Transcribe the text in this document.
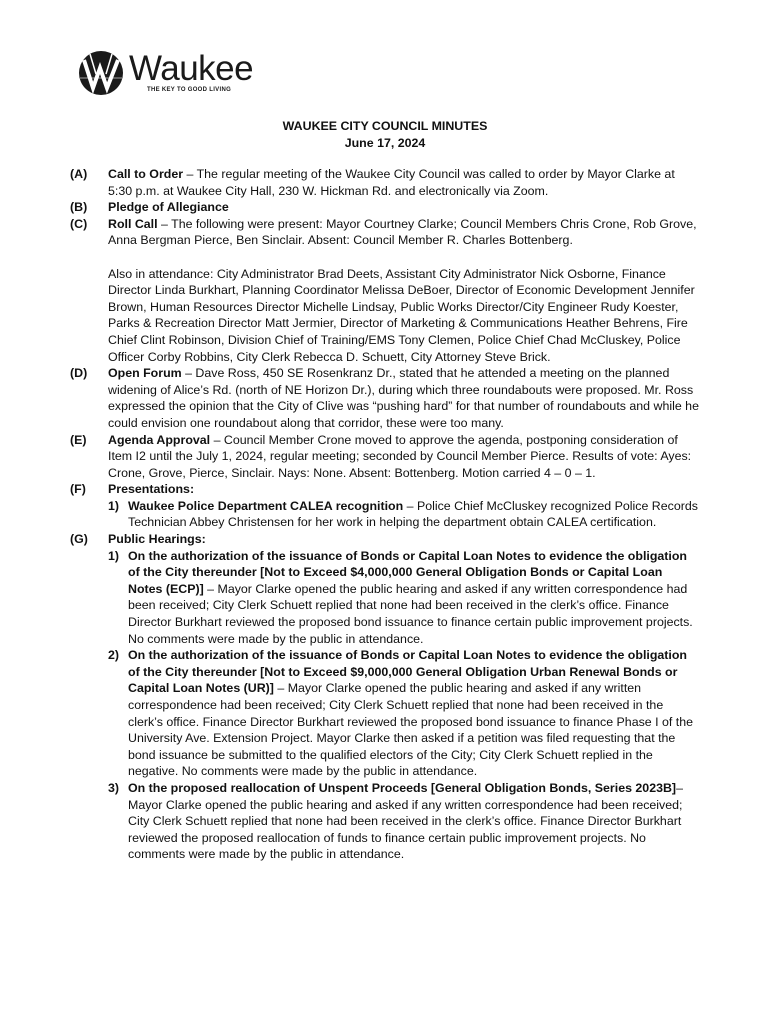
Waukee
THE KEY TO GOOD LIVING
WAUKEE CITY COUNCIL MINUTES
June 17, 2024
(A) Call to Order – The regular meeting of the Waukee City Council was called to order by Mayor Clarke at 5:30 p.m. at Waukee City Hall, 230 W. Hickman Rd. and electronically via Zoom.
(B) Pledge of Allegiance
(C) Roll Call – The following were present: Mayor Courtney Clarke; Council Members Chris Crone, Rob Grove, Anna Bergman Pierce, Ben Sinclair. Absent: Council Member R. Charles Bottenberg.
Also in attendance: City Administrator Brad Deets, Assistant City Administrator Nick Osborne, Finance Director Linda Burkhart, Planning Coordinator Melissa DeBoer, Director of Economic Development Jennifer Brown, Human Resources Director Michelle Lindsay, Public Works Director/City Engineer Rudy Koester, Parks & Recreation Director Matt Jermier, Director of Marketing & Communications Heather Behrens, Fire Chief Clint Robinson, Division Chief of Training/EMS Tony Clemen, Police Chief Chad McCluskey, Police Officer Corby Robbins, City Clerk Rebecca D. Schuett, City Attorney Steve Brick.
(D) Open Forum – Dave Ross, 450 SE Rosenkranz Dr., stated that he attended a meeting on the planned widening of Alice’s Rd. (north of NE Horizon Dr.), during which three roundabouts were proposed. Mr. Ross expressed the opinion that the City of Clive was “pushing hard” for that number of roundabouts and while he could envision one roundabout along that corridor, these were too many.
(E) Agenda Approval – Council Member Crone moved to approve the agenda, postponing consideration of Item I2 until the July 1, 2024, regular meeting; seconded by Council Member Pierce. Results of vote: Ayes: Crone, Grove, Pierce, Sinclair. Nays: None. Absent: Bottenberg. Motion carried 4 – 0 – 1.
(F) Presentations:
1) Waukee Police Department CALEA recognition – Police Chief McCluskey recognized Police Records Technician Abbey Christensen for her work in helping the department obtain CALEA certification.
(G) Public Hearings:
1) On the authorization of the issuance of Bonds or Capital Loan Notes to evidence the obligation of the City thereunder [Not to Exceed $4,000,000 General Obligation Bonds or Capital Loan Notes (ECP)] – Mayor Clarke opened the public hearing and asked if any written correspondence had been received; City Clerk Schuett replied that none had been received in the clerk’s office. Finance Director Burkhart reviewed the proposed bond issuance to finance certain public improvement projects. No comments were made by the public in attendance.
2) On the authorization of the issuance of Bonds or Capital Loan Notes to evidence the obligation of the City thereunder [Not to Exceed $9,000,000 General Obligation Urban Renewal Bonds or Capital Loan Notes (UR)] – Mayor Clarke opened the public hearing and asked if any written correspondence had been received; City Clerk Schuett replied that none had been received in the clerk’s office. Finance Director Burkhart reviewed the proposed bond issuance to finance Phase I of the University Ave. Extension Project. Mayor Clarke then asked if a petition was filed requesting that the bond issuance be submitted to the qualified electors of the City; City Clerk Schuett replied in the negative. No comments were made by the public in attendance.
3) On the proposed reallocation of Unspent Proceeds [General Obligation Bonds, Series 2023B]– Mayor Clarke opened the public hearing and asked if any written correspondence had been received; City Clerk Schuett replied that none had been received in the clerk’s office. Finance Director Burkhart reviewed the proposed reallocation of funds to finance certain public improvement projects. No comments were made by the public in attendance.
